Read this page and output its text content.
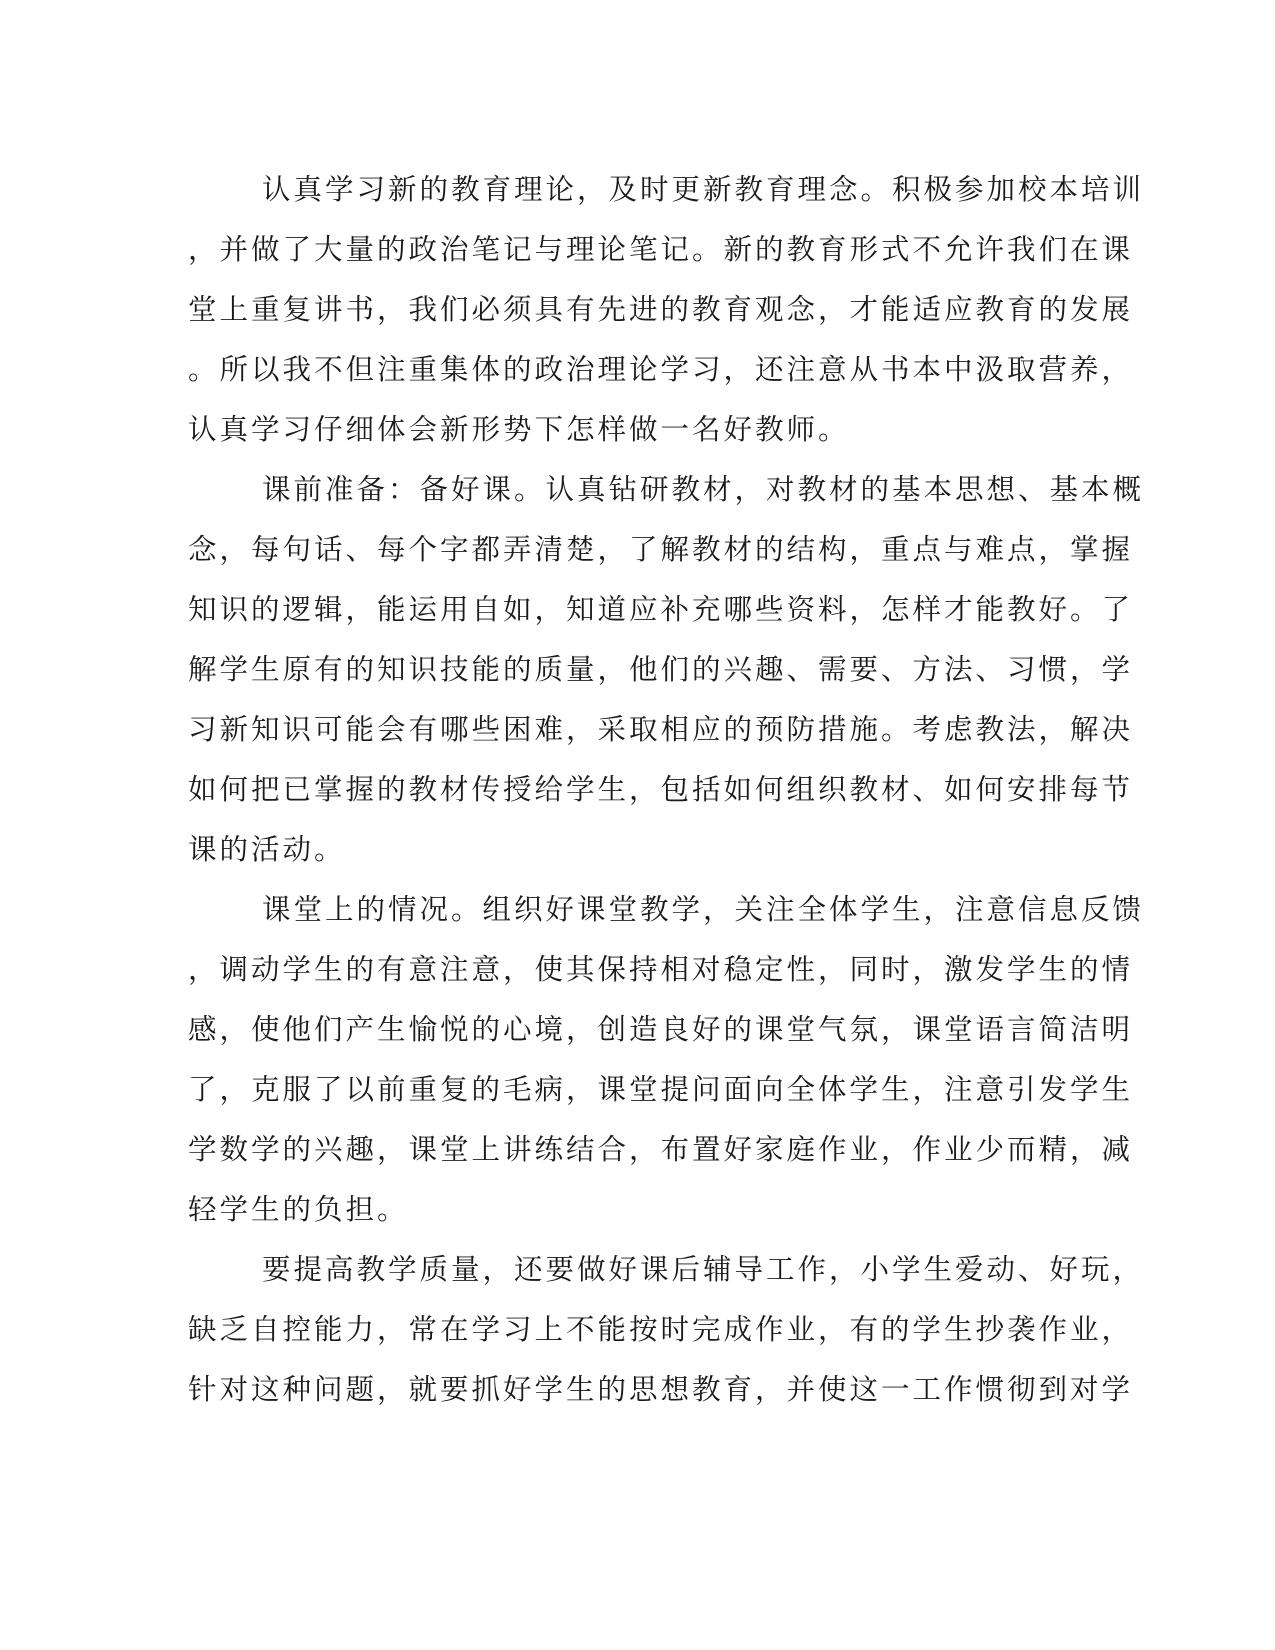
认真学习新的教育理论，及时更新教育理念。积极参加校本培训
，并做了大量的政治笔记与理论笔记。新的教育形式不允许我们在课
堂上重复讲书，我们必须具有先进的教育观念，才能适应教育的发展
。所以我不但注重集体的政治理论学习，还注意从书本中汲取营养，
认真学习仔细体会新形势下怎样做一名好教师。
课前准备：备好课。认真钻研教材，对教材的基本思想、基本概
念，每句话、每个字都弄清楚，了解教材的结构，重点与难点，掌握
知识的逻辑，能运用自如，知道应补充哪些资料，怎样才能教好。了
解学生原有的知识技能的质量，他们的兴趣、需要、方法、习惯，学
习新知识可能会有哪些困难，采取相应的预防措施。考虑教法，解决
如何把已掌握的教材传授给学生，包括如何组织教材、如何安排每节
课的活动。
课堂上的情况。组织好课堂教学，关注全体学生，注意信息反馈
，调动学生的有意注意，使其保持相对稳定性，同时，激发学生的情
感，使他们产生愉悦的心境，创造良好的课堂气氛，课堂语言简洁明
了，克服了以前重复的毛病，课堂提问面向全体学生，注意引发学生
学数学的兴趣，课堂上讲练结合，布置好家庭作业，作业少而精，减
轻学生的负担。
要提高教学质量，还要做好课后辅导工作，小学生爱动、好玩，
缺乏自控能力，常在学习上不能按时完成作业，有的学生抄袭作业，
针对这种问题，就要抓好学生的思想教育，并使这一工作惯彻到对学
